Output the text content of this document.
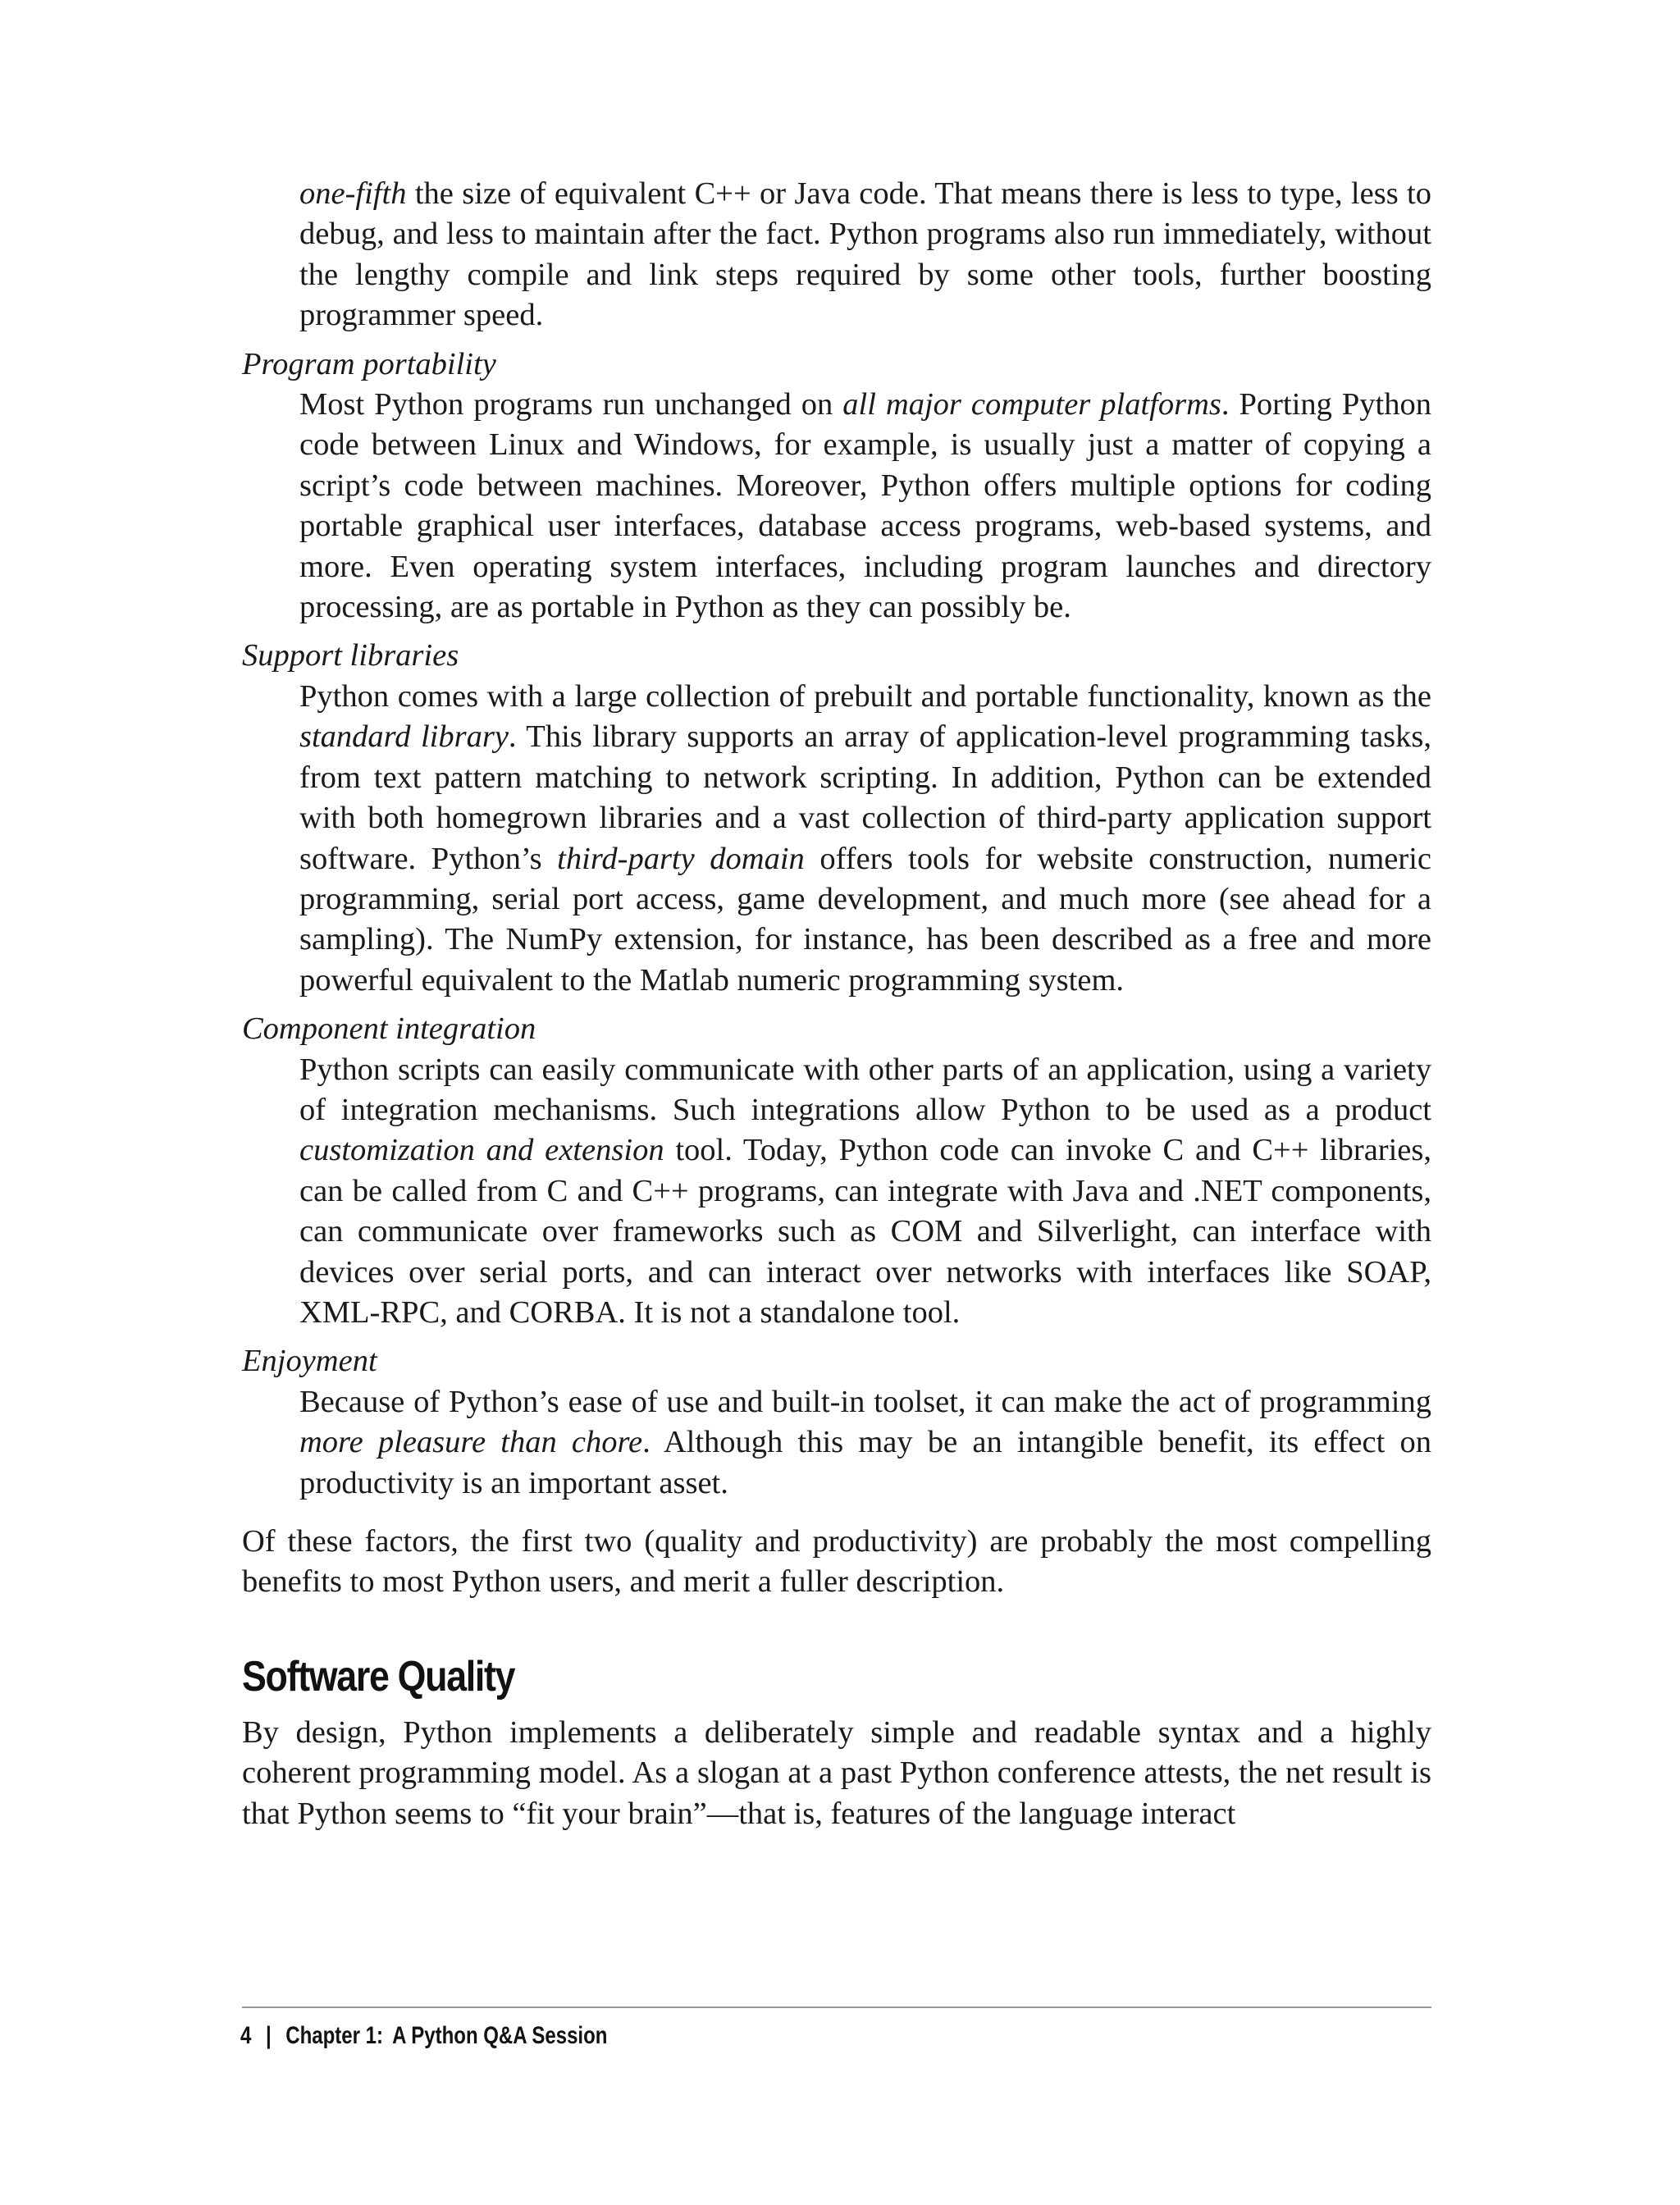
one-fifth the size of equivalent C++ or Java code. That means there is less to type, less to debug, and less to maintain after the fact. Python programs also run immediately, without the lengthy compile and link steps required by some other tools, further boosting programmer speed.

Program portability

Most Python programs run unchanged on all major computer platforms. Porting Python code between Linux and Windows, for example, is usually just a matter of copying a script’s code between machines. Moreover, Python offers multiple options for coding portable graphical user interfaces, database access programs, web-based systems, and more. Even operating system interfaces, including program launches and directory processing, are as portable in Python as they can possibly be.

Support libraries

Python comes with a large collection of prebuilt and portable functionality, known as the standard library. This library supports an array of application-level programming tasks, from text pattern matching to network scripting. In addition, Python can be extended with both homegrown libraries and a vast collection of third-party application support software. Python’s third-party domain offers tools for website construction, numeric programming, serial port access, game development, and much more (see ahead for a sampling). The NumPy extension, for instance, has been described as a free and more powerful equivalent to the Matlab numeric programming system.

Component integration

Python scripts can easily communicate with other parts of an application, using a variety of integration mechanisms. Such integrations allow Python to be used as a product customization and extension tool. Today, Python code can invoke C and C++ libraries, can be called from C and C++ programs, can integrate with Java and .NET components, can communicate over frameworks such as COM and Silverlight, can interface with devices over serial ports, and can interact over networks with interfaces like SOAP, XML-RPC, and CORBA. It is not a standalone tool.

Enjoyment

Because of Python’s ease of use and built-in toolset, it can make the act of programming more pleasure than chore. Although this may be an intangible benefit, its effect on productivity is an important asset.

Of these factors, the first two (quality and productivity) are probably the most compelling benefits to most Python users, and merit a fuller description.

Software Quality

By design, Python implements a deliberately simple and readable syntax and a highly coherent programming model. As a slogan at a past Python conference attests, the net result is that Python seems to “fit your brain”—that is, features of the language interact

4 | Chapter 1: A Python Q&A Session
